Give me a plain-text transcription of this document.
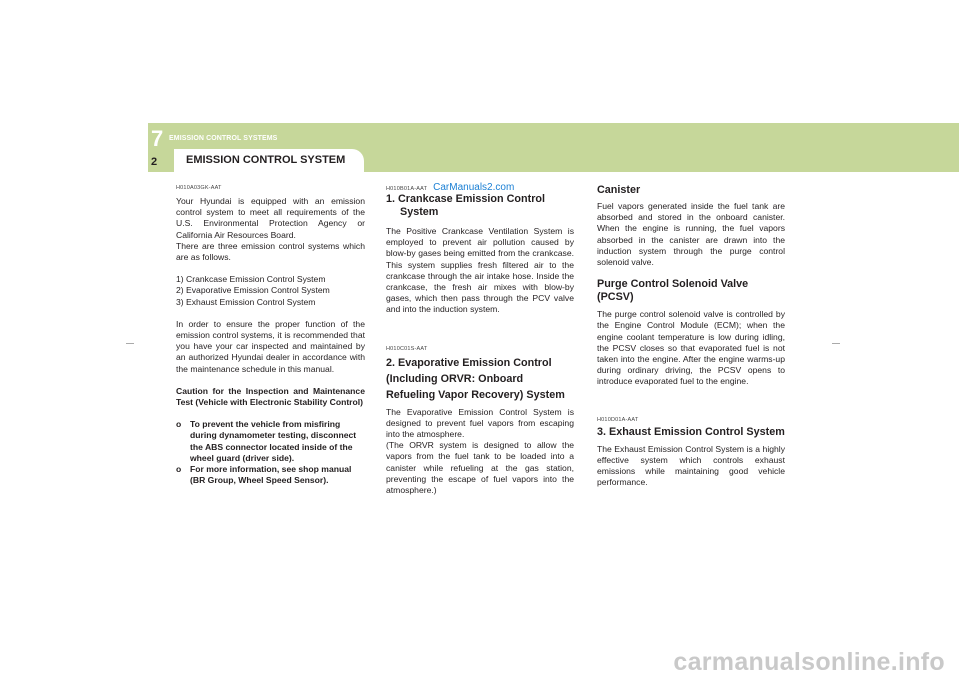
7 EMISSION CONTROL SYSTEMS
2	EMISSION CONTROL SYSTEM

H010A03GK-AAT

Your Hyundai is equipped with an emission control system to meet all requirements of the U.S. Environmental Protection Agency or California Air Resources Board.

There are three emission control systems which are as follows.

1) Crankcase Emission Control System
2) Evaporative Emission Control System
3) Exhaust Emission Control System

In order to ensure the proper function of the emission control systems, it is recommended that you have your car inspected and maintained by an authorized Hyundai dealer in accordance with the maintenance schedule in this manual.

Caution for the Inspection and Maintenance Test (Vehicle with Electronic Stability Control)

o	To prevent the vehicle from misfiring during dynamometer testing, disconnect the ABS connector located inside of the wheel guard (driver side).
o	For more information, see shop manual (BR Group, Wheel Speed Sensor).

H010B01A-AAT CarManuals2.com

1. Crankcase Emission Control
System

The Positive Crankcase Ventilation System is employed to prevent air pollution caused by blow-by gases being emitted from the crankcase. This system supplies fresh filtered air to the crankcase through the air intake hose. Inside the crankcase, the fresh air mixes with blow-by gases, which then pass through the PCV valve and into the induction system.

H010C01S-AAT

2. Evaporative Emission Control (Including ORVR: Onboard Refueling Vapor Recovery) System

The Evaporative Emission Control System is designed to prevent fuel vapors from escaping into the atmosphere.

(The ORVR system is designed to allow the vapors from the fuel tank to be loaded into a canister while refueling at the gas station, preventing the escape of fuel vapors into the atmosphere.)

Canister

Fuel vapors generated inside the fuel tank are absorbed and stored in the onboard canister. When the engine is running, the fuel vapors absorbed in the canister are drawn into the induction system through the purge control solenoid valve.

Purge Control Solenoid Valve (PCSV)

The purge control solenoid valve is controlled by the Engine Control Module (ECM); when the engine coolant temperature is low during idling, the PCSV closes so that evaporated fuel is not taken into the engine. After the engine warms-up during ordinary driving, the PCSV opens to introduce evaporated fuel to the engine.

H010D01A-AAT

3. Exhaust Emission Control System

The Exhaust Emission Control System is a highly effective system which controls exhaust emissions while maintaining good vehicle performance.

carmanualsonline.info
